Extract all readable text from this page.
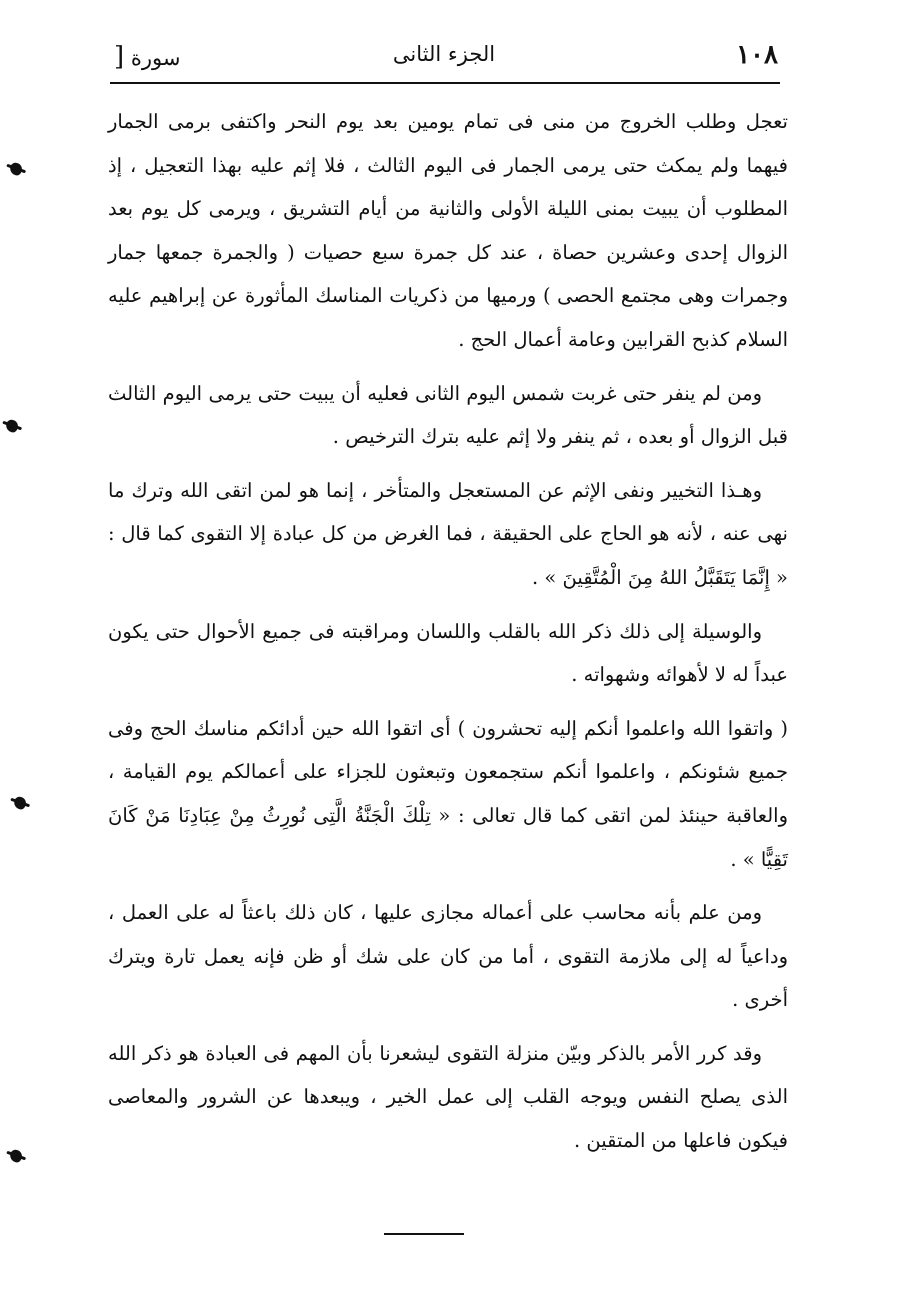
١٠٨
الجزء الثانى
سورة [

تعجل وطلب الخروج من منى فى تمام يومين بعد يوم النحر واكتفى برمى الجمار فيهما ولم يمكث حتى يرمى الجمار فى اليوم الثالث ، فلا إثم عليه بهذا التعجيل ، إذ المطلوب أن يبيت بمنى الليلة الأولى والثانية من أيام التشريق ، ويرمى كل يوم بعد الزوال إحدى وعشرين حصاة ، عند كل جمرة سبع حصيات ( والجمرة جمعها جمار وجمرات وهى مجتمع الحصى ) ورميها من ذكريات المناسك المأثورة عن إبراهيم عليه السلام كذبح القرابين وعامة أعمال الحج .

ومن لم ينفر حتى غربت شمس اليوم الثانى فعليه أن يبيت حتى يرمى اليوم الثالث قبل الزوال أو بعده ، ثم ينفر ولا إثم عليه بترك الترخيص .

وهـذا التخيير ونفى الإثم عن المستعجل والمتأخر ، إنما هو لمن اتقى الله وترك ما نهى عنه ، لأنه هو الحاج على الحقيقة ، فما الغرض من كل عبادة إلا التقوى كما قال : « إِنَّمَا يَتَقَبَّلُ اللهُ مِنَ الْمُتَّقِينَ » .

والوسيلة إلى ذلك ذكر الله بالقلب واللسان ومراقبته فى جميع الأحوال حتى يكون عبداً له لا لأهوائه وشهواته .

( واتقوا الله واعلموا أنكم إليه تحشرون ) أى اتقوا الله حين أدائكم مناسك الحج وفى جميع شئونكم ، واعلموا أنكم ستجمعون وتبعثون للجزاء على أعمالكم يوم القيامة ، والعاقبة حينئذ لمن اتقى كما قال تعالى : « تِلْكَ الْجَنَّةُ الَّتِى نُورِثُ مِنْ عِبَادِنَا مَنْ كَانَ تَقِيًّا » .

ومن علم بأنه محاسب على أعماله مجازى عليها ، كان ذلك باعثاً له على العمل ، وداعياً له إلى ملازمة التقوى ، أما من كان على شك أو ظن فإنه يعمل تارة ويترك أخرى .

وقد كرر الأمر بالذكر وبيّن منزلة التقوى ليشعرنا بأن المهم فى العبادة هو ذكر الله الذى يصلح النفس ويوجه القلب إلى عمل الخير ، ويبعدها عن الشرور والمعاصى فيكون فاعلها من المتقين .
